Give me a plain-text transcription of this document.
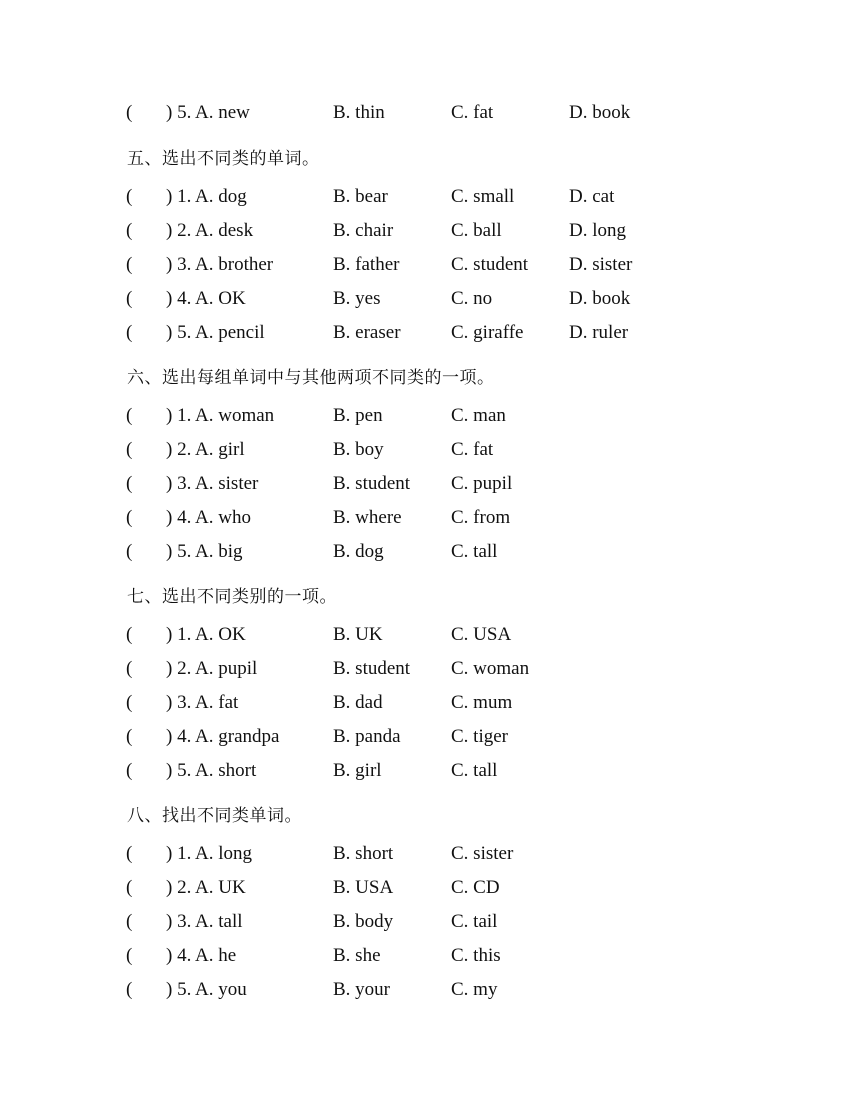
( ) 5. A. new	B. thin	C. fat	D. book
五、选出不同类的单词。
( ) 1. A. dog	B. bear	C. small	D. cat
( ) 2. A. desk	B. chair	C. ball	D. long
( ) 3. A. brother	B. father	C. student D. sister
( ) 4. A. OK	B. yes	C. no	D. book
( ) 5. A. pencil	B. eraser	C. giraffe D. ruler
六、选出每组单词中与其他两项不同类的一项。
( ) 1. A. woman	B. pen	C. man
( ) 2. A. girl	B. boy	C. fat
( ) 3. A. sister	B. student C. pupil
( ) 4. A. who	B. where	C. from
( ) 5. A. big	B. dog	C. tall
七、选出不同类别的一项。
( ) 1. A. OK	B. UK	C. USA
( ) 2. A. pupil	B. student C. woman
( ) 3. A. fat	B. dad	C. mum
( ) 4. A. grandpa	B. panda	C. tiger
( ) 5. A. short	B. girl	C. tall
八、找出不同类单词。
( ) 1. A. long	B. short	C. sister
( ) 2. A. UK	B. USA	C. CD
( ) 3. A. tall	B. body	C. tail
( ) 4. A. he	B. she	C. this
( ) 5. A. you	B. your	C. my
